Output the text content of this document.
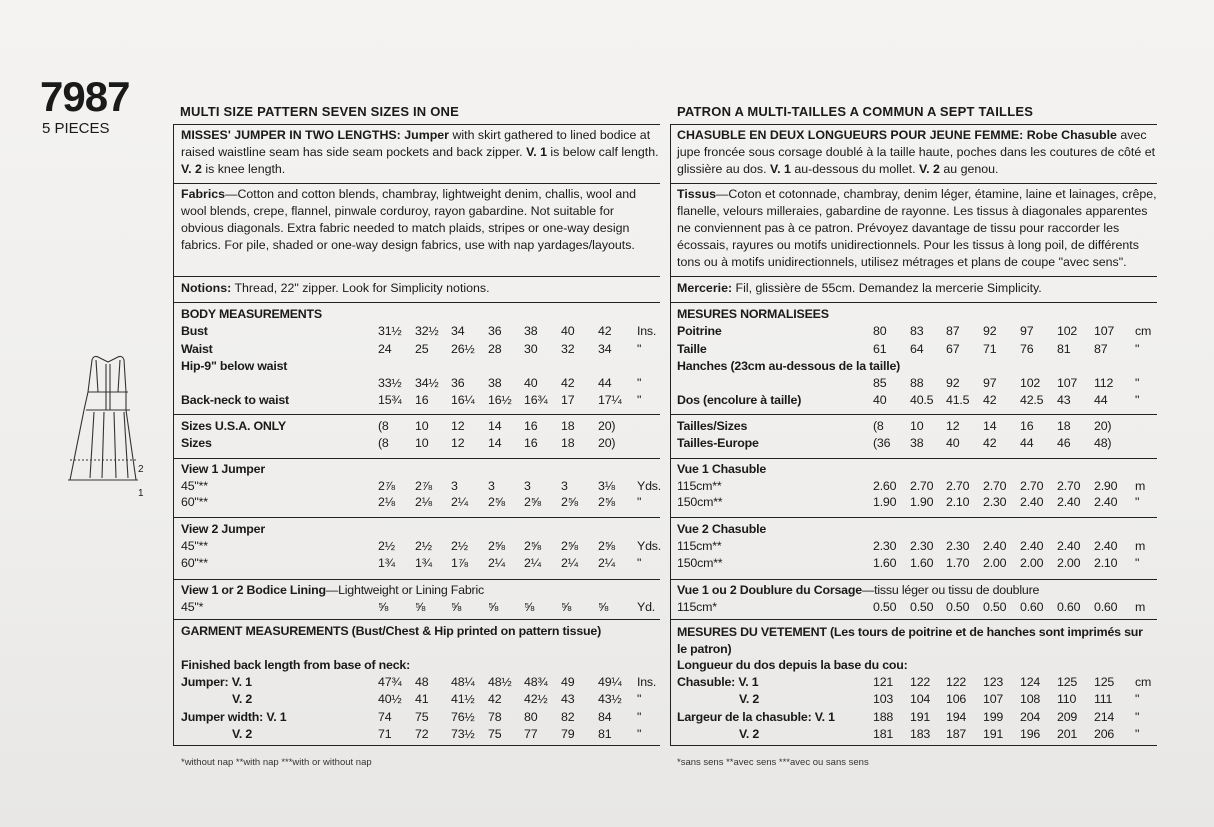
7987
5 PIECES
2
1
MULTI SIZE PATTERN SEVEN SIZES IN ONE
MISSES' JUMPER IN TWO LENGTHS: Jumper with skirt gathered to lined bodice at raised waistline seam has side seam pockets and back zipper. V. 1 is below calf length. V. 2 is knee length.
Fabrics—Cotton and cotton blends, chambray, lightweight denim, challis, wool and wool blends, crepe, flannel, pinwale corduroy, rayon gabardine. Not suitable for obvious diagonals. Extra fabric needed to match plaids, stripes or one-way design fabrics. For pile, shaded or one-way design fabrics, use with nap yardages/layouts.
Notions: Thread, 22" zipper. Look for Simplicity notions.
*without nap **with nap ***with or without nap
PATRON A MULTI-TAILLES A COMMUN A SEPT TAILLES
CHASUBLE EN DEUX LONGUEURS POUR JEUNE FEMME: Robe Chasuble avec jupe froncée sous corsage doublé à la taille haute, poches dans les coutures de côté et glissière au dos. V. 1 au-dessous du mollet. V. 2 au genou.
Tissus—Coton et cotonnade, chambray, denim léger, étamine, laine et lainages, crêpe, flanelle, velours milleraies, gabardine de rayonne. Les tissus à diagonales apparentes ne conviennent pas à ce patron. Prévoyez davantage de tissu pour raccorder les écossais, rayures ou motifs unidirectionnels. Pour les tissus à long poil, de différents tons ou à motifs unidirectionnels, utilisez métrages et plans de coupe "avec sens".
Mercerie: Fil, glissière de 55cm. Demandez la mercerie Simplicity.
*sans sens **avec sens ***avec ou sans sens
BODY MEASUREMENTS
Bust	31½ 32½ 34 36 38 40 42 Ins.
Waist	24 25 26½ 28 30 32 34 "
Hip-9" below waist
33½ 34½ 36 38 40 42 44 "
Back-neck to waist	15¾ 16 16¼ 16½ 16¾ 17 17¼ "
Sizes U.S.A. ONLY	(8 10 12 14 16 18 20)
Sizes	(8 10 12 14 16 18 20)
View 1 Jumper
45"**	2⅞ 2⅞ 3 3 3 3 3⅛ Yds.
60"**	2⅛ 2⅛ 2¼ 2⅝ 2⅝ 2⅝ 2⅝ "
View 2 Jumper
45"**	2½ 2½ 2½ 2⅝ 2⅝ 2⅝ 2⅝ Yds.
60"**	1¾ 1¾ 1⅞ 2¼ 2¼ 2¼ 2¼ "
View 1 or 2 Bodice Lining—Lightweight or Lining Fabric
45"*	⅝ ⅝ ⅝ ⅝ ⅝ ⅝ ⅝ Yd.
GARMENT MEASUREMENTS (Bust/Chest & Hip printed on pattern tissue)
Finished back length from base of neck:
Jumper: V. 1	47¾ 48 48¼ 48½ 48¾ 49 49¼ Ins.
V. 2	40½ 41 41½ 42 42½ 43 43½ "
Jumper width: V. 1	74 75 76½ 78 80 82 84 "
V. 2	71 72 73½ 75 77 79 81 "
MESURES NORMALISEES
Poitrine	80 83 87 92 97 102 107 cm
Taille	61 64 67 71 76 81 87 "
Hanches (23cm au-dessous de la taille)
85 88 92 97 102 107 112 "
Dos (encolure à taille)	40 40.5 41.5 42 42.5 43 44 "
Tailles/Sizes	(8 10 12 14 16 18 20)
Tailles-Europe	(36 38 40 42 44 46 48)
Vue 1 Chasuble
115cm**	2.60 2.70 2.70 2.70 2.70 2.70 2.90 m
150cm**	1.90 1.90 2.10 2.30 2.40 2.40 2.40 "
Vue 2 Chasuble
115cm**	2.30 2.30 2.30 2.40 2.40 2.40 2.40 m
150cm**	1.60 1.60 1.70 2.00 2.00 2.00 2.10 "
Vue 1 ou 2 Doublure du Corsage—tissu léger ou tissu de doublure
115cm*	0.50 0.50 0.50 0.50 0.60 0.60 0.60 m
MESURES DU VETEMENT (Les tours de poitrine et de hanches sont imprimés sur
le patron)
Longueur du dos depuis la base du cou:
Chasuble: V. 1	121 122 122 123 124 125 125 cm
V. 2	103 104 106 107 108 110 111 "
Largeur de la chasuble: V. 1	188 191 194 199 204 209 214 "
V. 2	181 183 187 191 196 201 206 "
